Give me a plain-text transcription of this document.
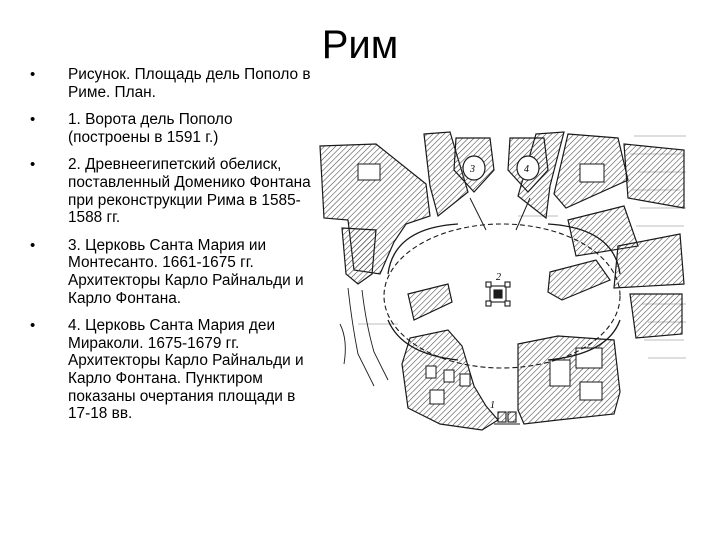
Рим
• Рисунок. Площадь дель Пополо в Риме. План.
• 1. Ворота дель Пополо (построены в 1591 г.)
• 2. Древнеегипетский обелиск, поставленный Доменико Фонтана при реконструкции Рима в 1585-1588 гг.
• 3. Церковь Санта Мария ии Монтесанто. 1661-1675 гг. Архитекторы Карло Райнальди и Карло Фонтана.
• 4. Церковь Санта Мария деи Мираколи. 1675-1679 гг. Архитекторы Карло Райнальди и Карло Фонтана. Пунктиром показаны очертания площади в 17-18 вв.
3	4
2
1
